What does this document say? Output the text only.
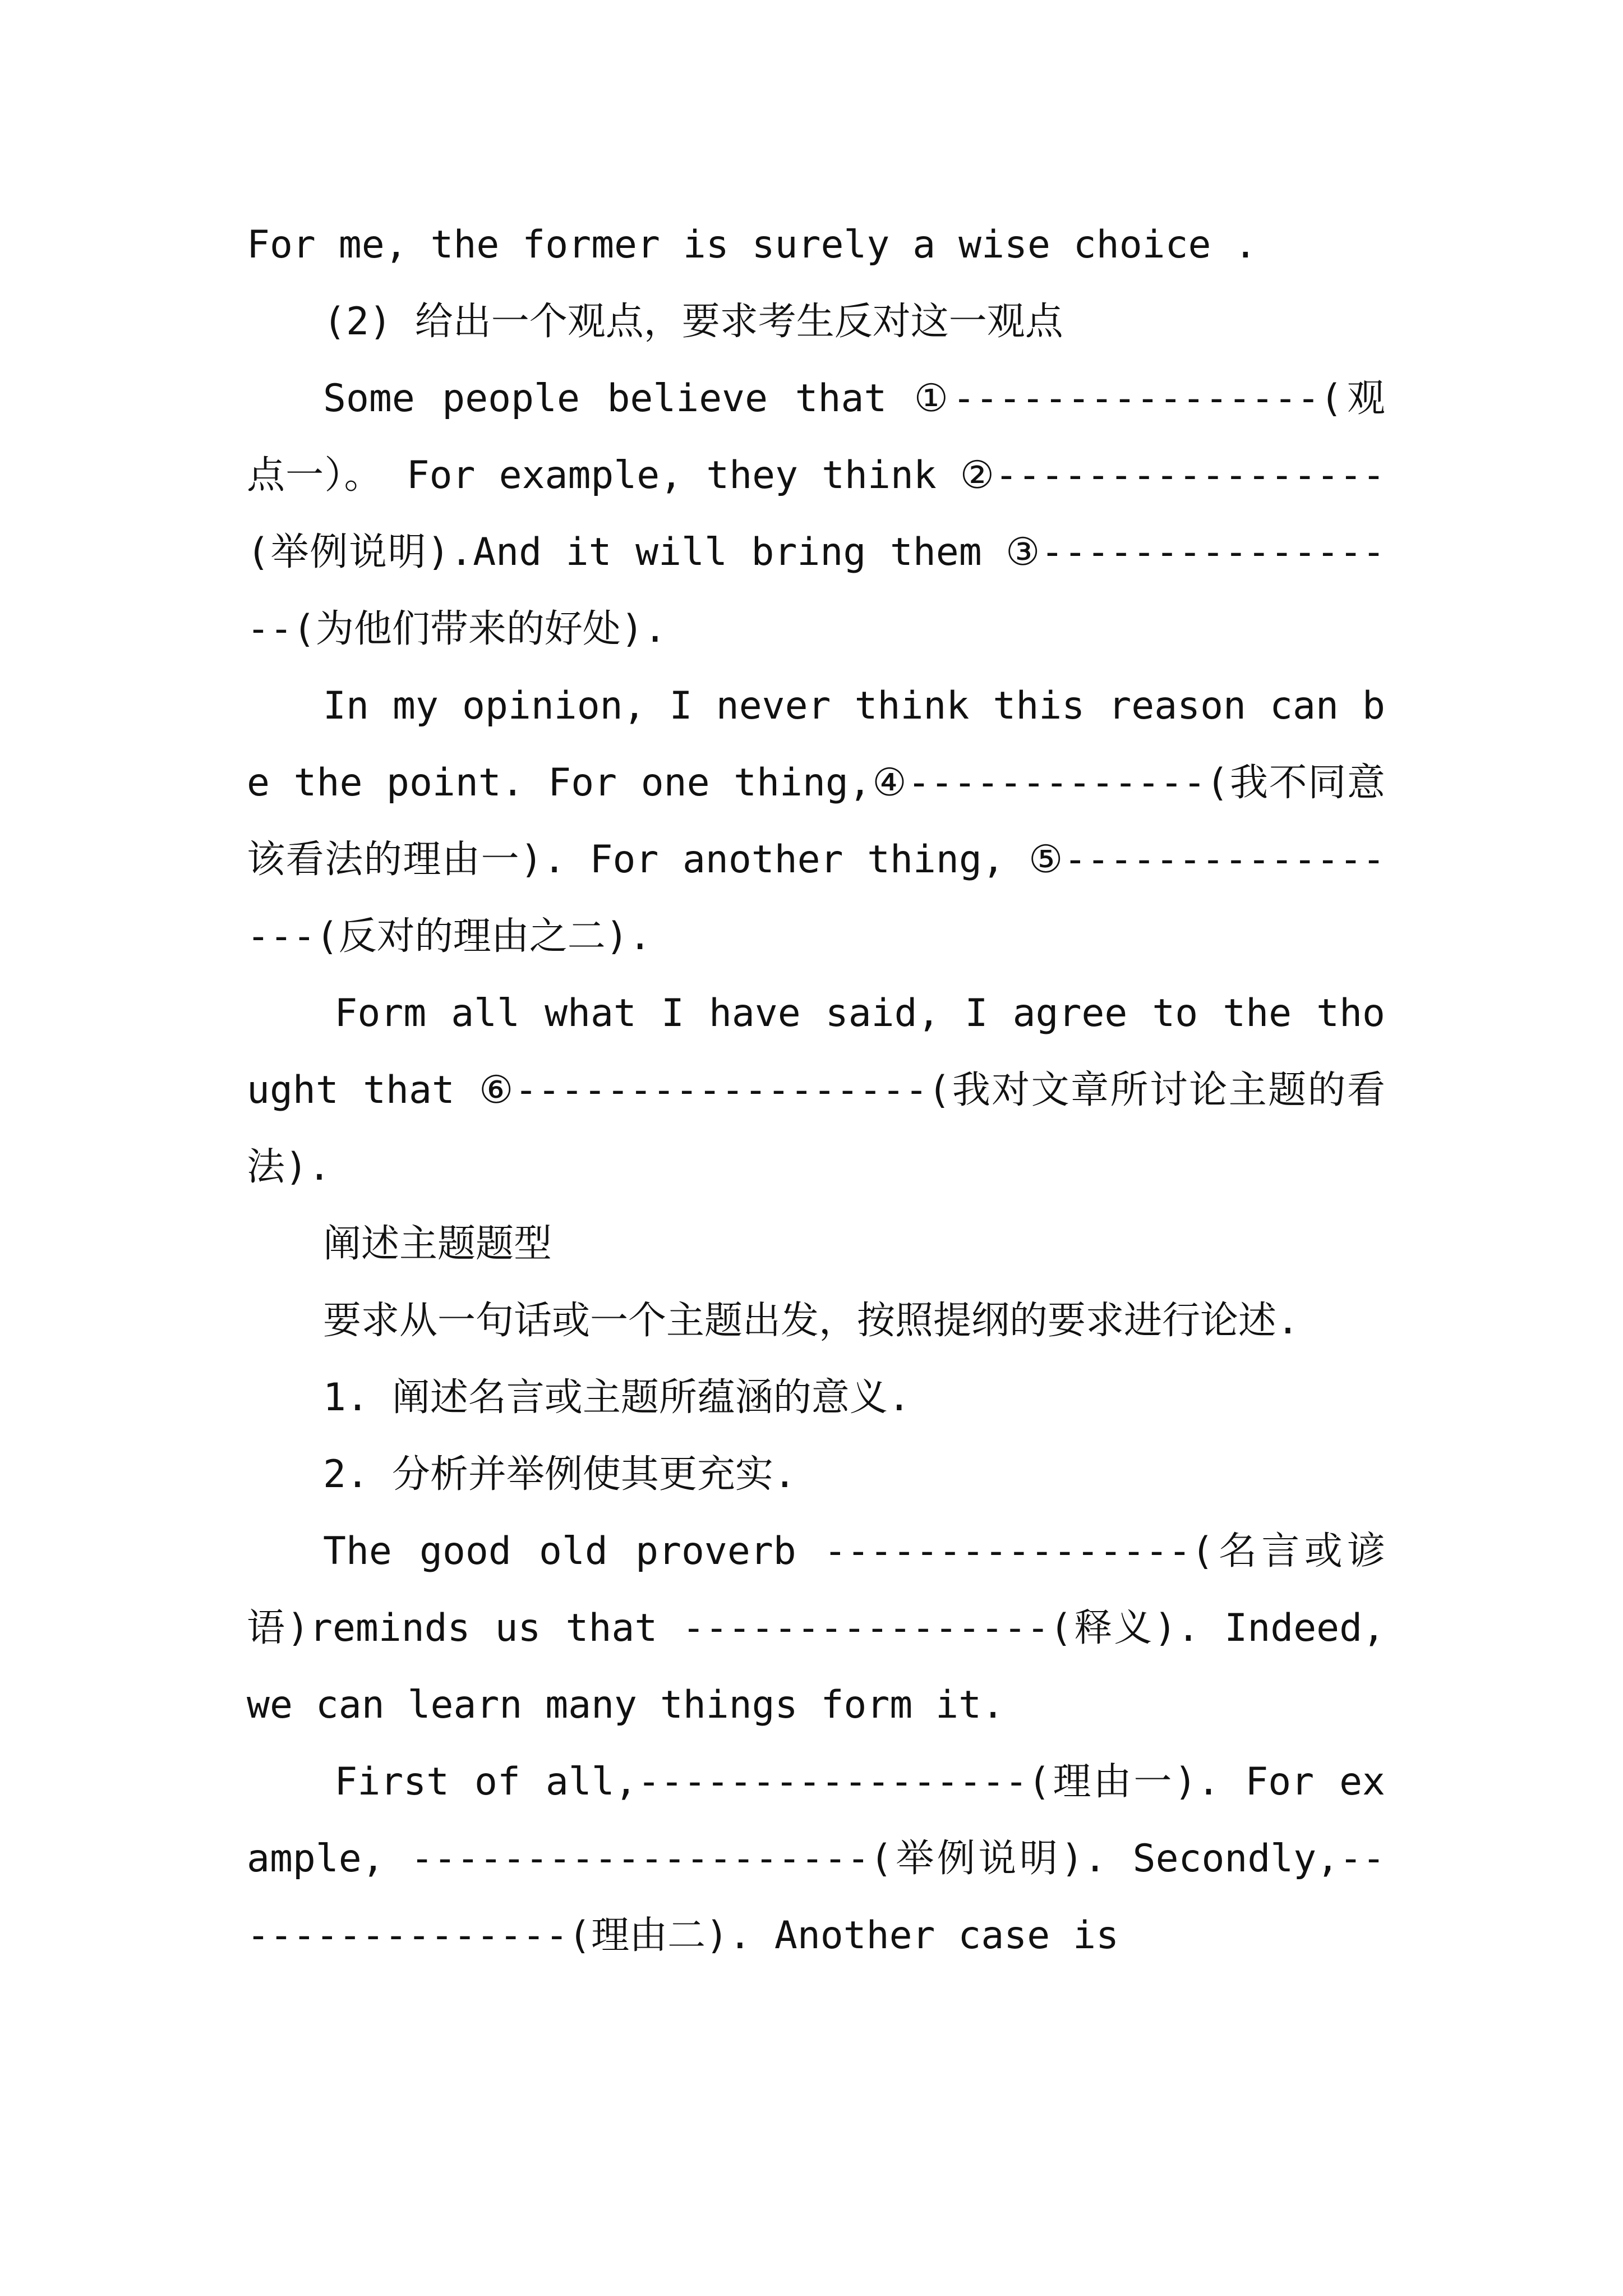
For me, the former is surely a wise choice .

(2) 给出一个观点，要求考生反对这一观点

Some people believe that ①----------------(观点一）。 For example, they think ②-----------------(举例说明).And it will bring them ③-----------------(为他们带来的好处).

In my opinion, I never think this reason can be the point. For one thing,④-------------(我不同意该看法的理由一). For another thing, ⑤-----------------(反对的理由之二).

Form all what I have said, I agree to the thought that ⑥------------------(我对文章所讨论主题的看法).

阐述主题题型

要求从一句话或一个主题出发，按照提纲的要求进行论述.

1. 阐述名言或主题所蕴涵的意义.

2. 分析并举例使其更充实.

The good old proverb ----------------(名言或谚语)reminds us that ----------------(释义). Indeed, we can learn many things form it.

First of all,-----------------(理由一). For example, --------------------(举例说明). Secondly,----------------(理由二). Another case is
